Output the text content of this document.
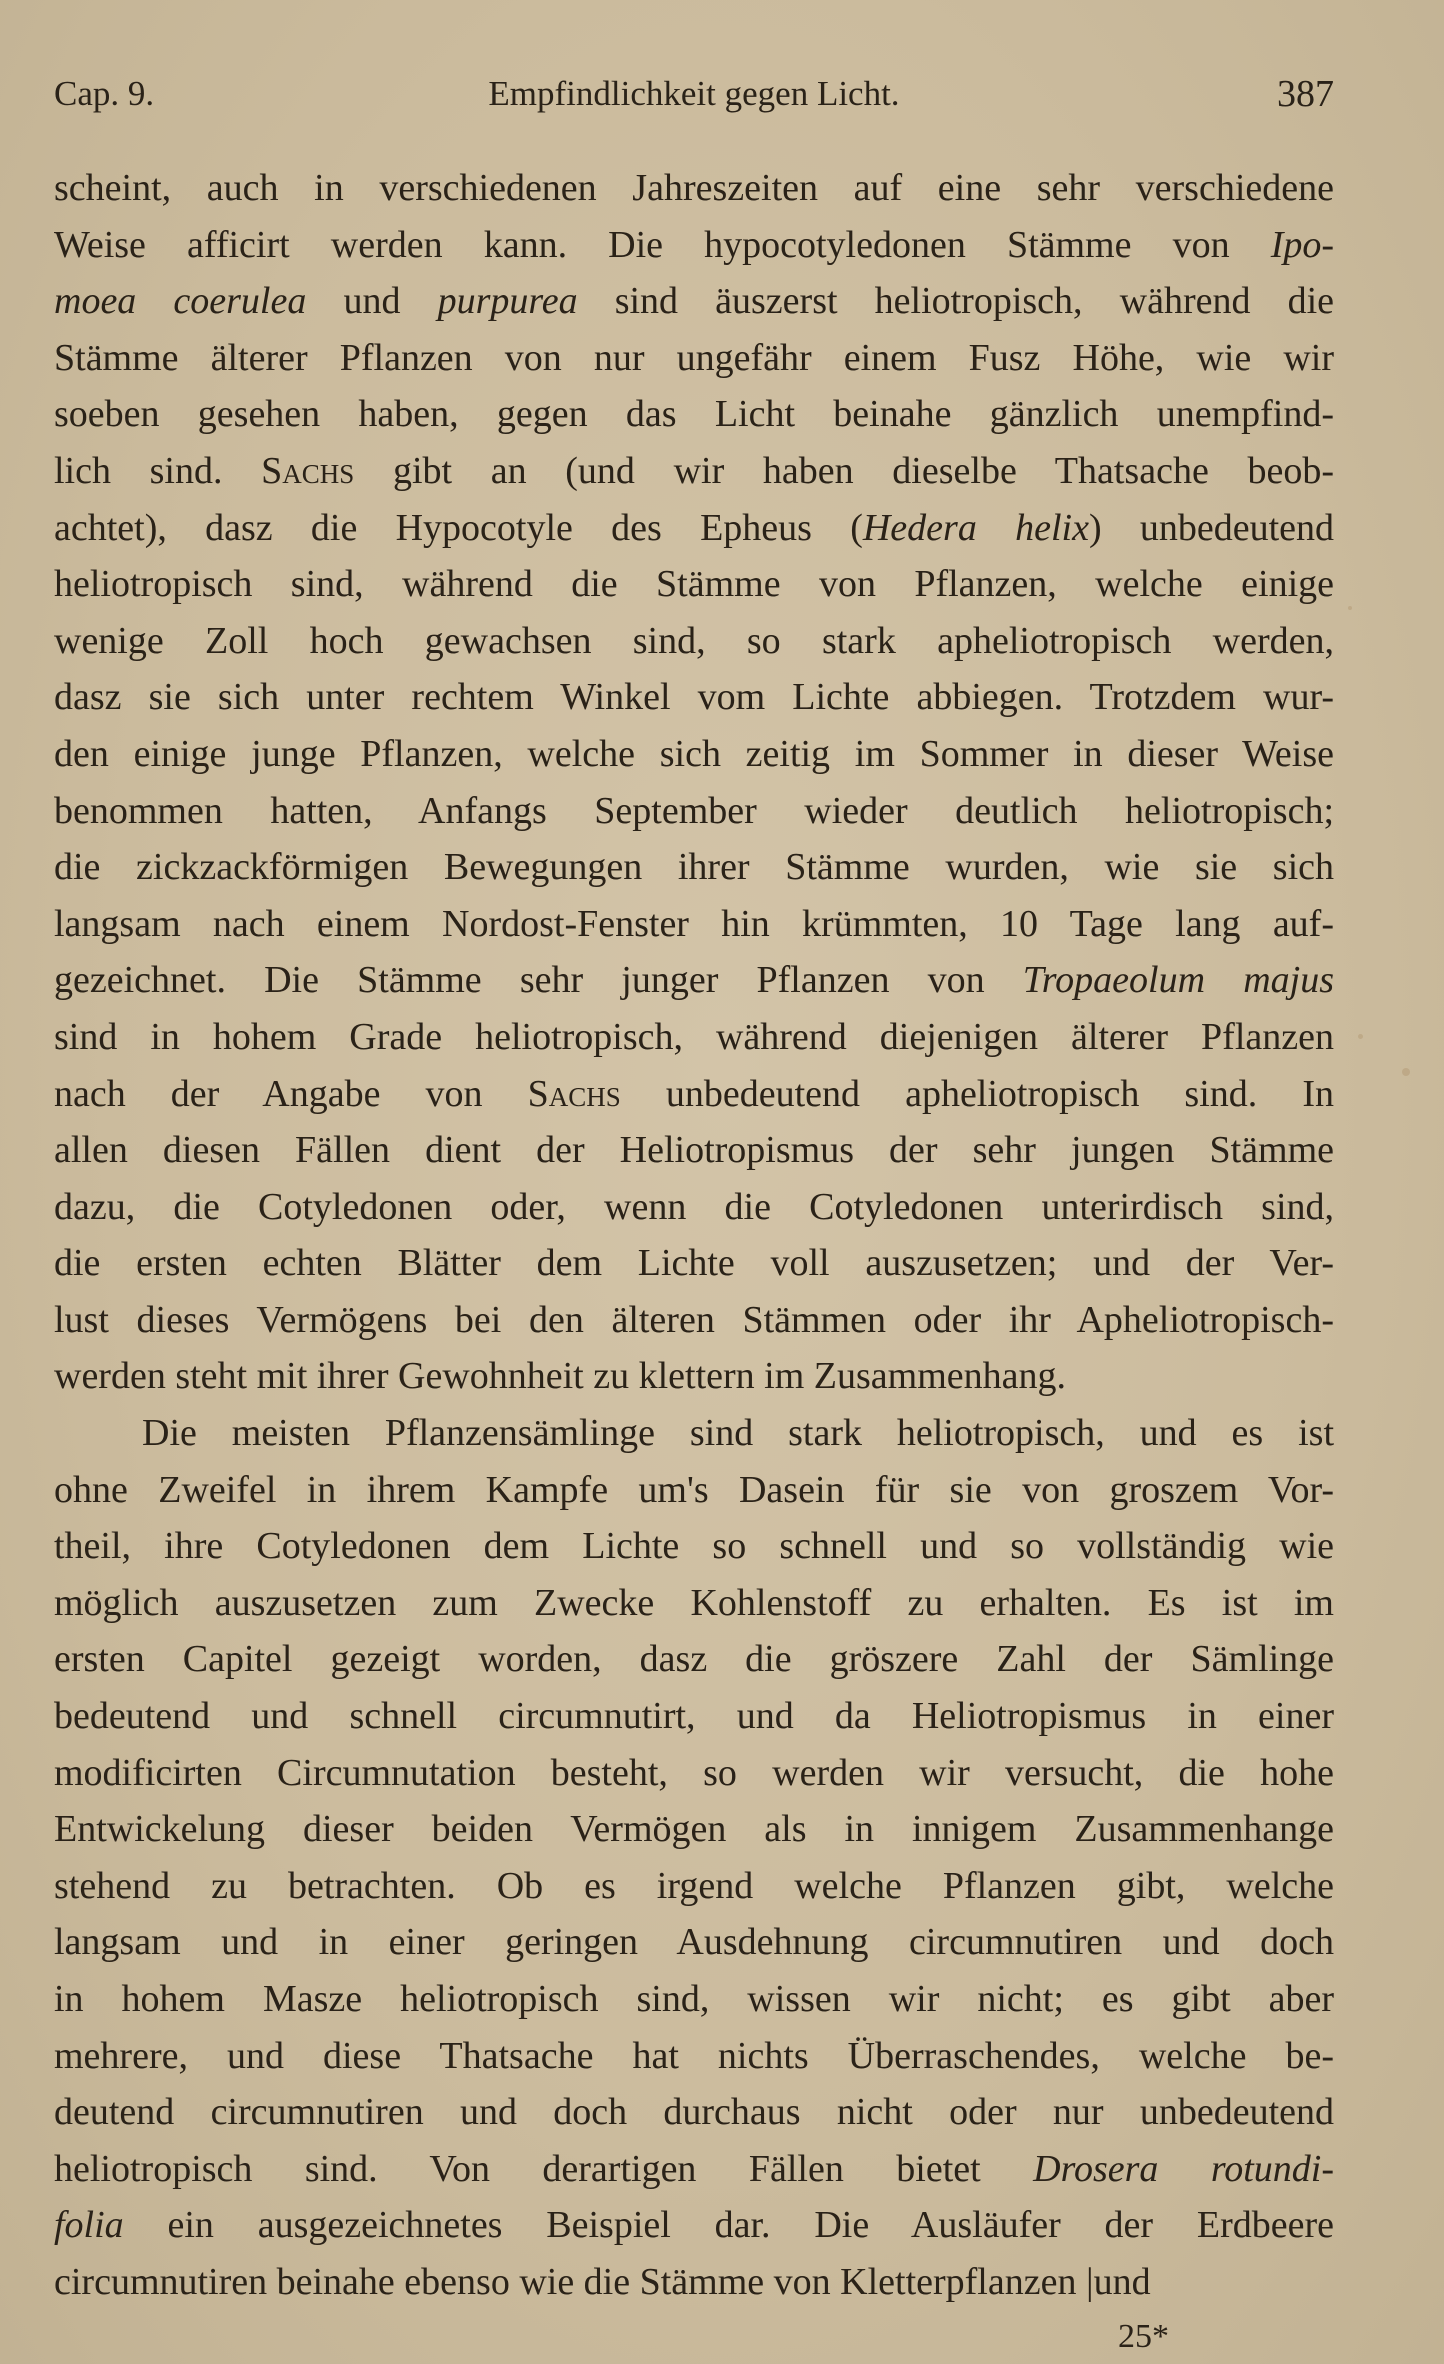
Cap. 9.	Empfindlichkeit gegen Licht.	387
scheint, auch in verschiedenen Jahreszeiten auf eine sehr verschiedene
Weise afficirt werden kann. Die hypocotyledonen Stämme von Ipo-
moea coerulea und purpurea sind äuszerst heliotropisch, während die
Stämme älterer Pflanzen von nur ungefähr einem Fusz Höhe, wie wir
soeben gesehen haben, gegen das Licht beinahe gänzlich unempfind-
lich sind. Sachs gibt an (und wir haben dieselbe Thatsache beob-
achtet), dasz die Hypocotyle des Epheus (Hedera helix) unbedeutend
heliotropisch sind, während die Stämme von Pflanzen, welche einige
wenige Zoll hoch gewachsen sind, so stark apheliotropisch werden,
dasz sie sich unter rechtem Winkel vom Lichte abbiegen. Trotzdem wur-
den einige junge Pflanzen, welche sich zeitig im Sommer in dieser Weise
benommen hatten, Anfangs September wieder deutlich heliotropisch;
die zickzackförmigen Bewegungen ihrer Stämme wurden, wie sie sich
langsam nach einem Nordost-Fenster hin krümmten, 10 Tage lang auf-
gezeichnet. Die Stämme sehr junger Pflanzen von Tropaeolum majus
sind in hohem Grade heliotropisch, während diejenigen älterer Pflanzen
nach der Angabe von Sachs unbedeutend apheliotropisch sind. In
allen diesen Fällen dient der Heliotropismus der sehr jungen Stämme
dazu, die Cotyledonen oder, wenn die Cotyledonen unterirdisch sind,
die ersten echten Blätter dem Lichte voll auszusetzen; und der Ver-
lust dieses Vermögens bei den älteren Stämmen oder ihr Apheliotropisch-
werden steht mit ihrer Gewohnheit zu klettern im Zusammenhang.
Die meisten Pflanzensämlinge sind stark heliotropisch, und es ist
ohne Zweifel in ihrem Kampfe um's Dasein für sie von groszem Vor-
theil, ihre Cotyledonen dem Lichte so schnell und so vollständig wie
möglich auszusetzen zum Zwecke Kohlenstoff zu erhalten. Es ist im
ersten Capitel gezeigt worden, dasz die gröszere Zahl der Sämlinge
bedeutend und schnell circumnutirt, und da Heliotropismus in einer
modificirten Circumnutation besteht, so werden wir versucht, die hohe
Entwickelung dieser beiden Vermögen als in innigem Zusammenhange
stehend zu betrachten. Ob es irgend welche Pflanzen gibt, welche
langsam und in einer geringen Ausdehnung circumnutiren und doch
in hohem Masze heliotropisch sind, wissen wir nicht; es gibt aber
mehrere, und diese Thatsache hat nichts Überraschendes, welche be-
deutend circumnutiren und doch durchaus nicht oder nur unbedeutend
heliotropisch sind. Von derartigen Fällen bietet Drosera rotundi-
folia ein ausgezeichnetes Beispiel dar. Die Ausläufer der Erdbeere
circumnutiren beinahe ebenso wie die Stämme von Kletterpflanzen |und
25*
